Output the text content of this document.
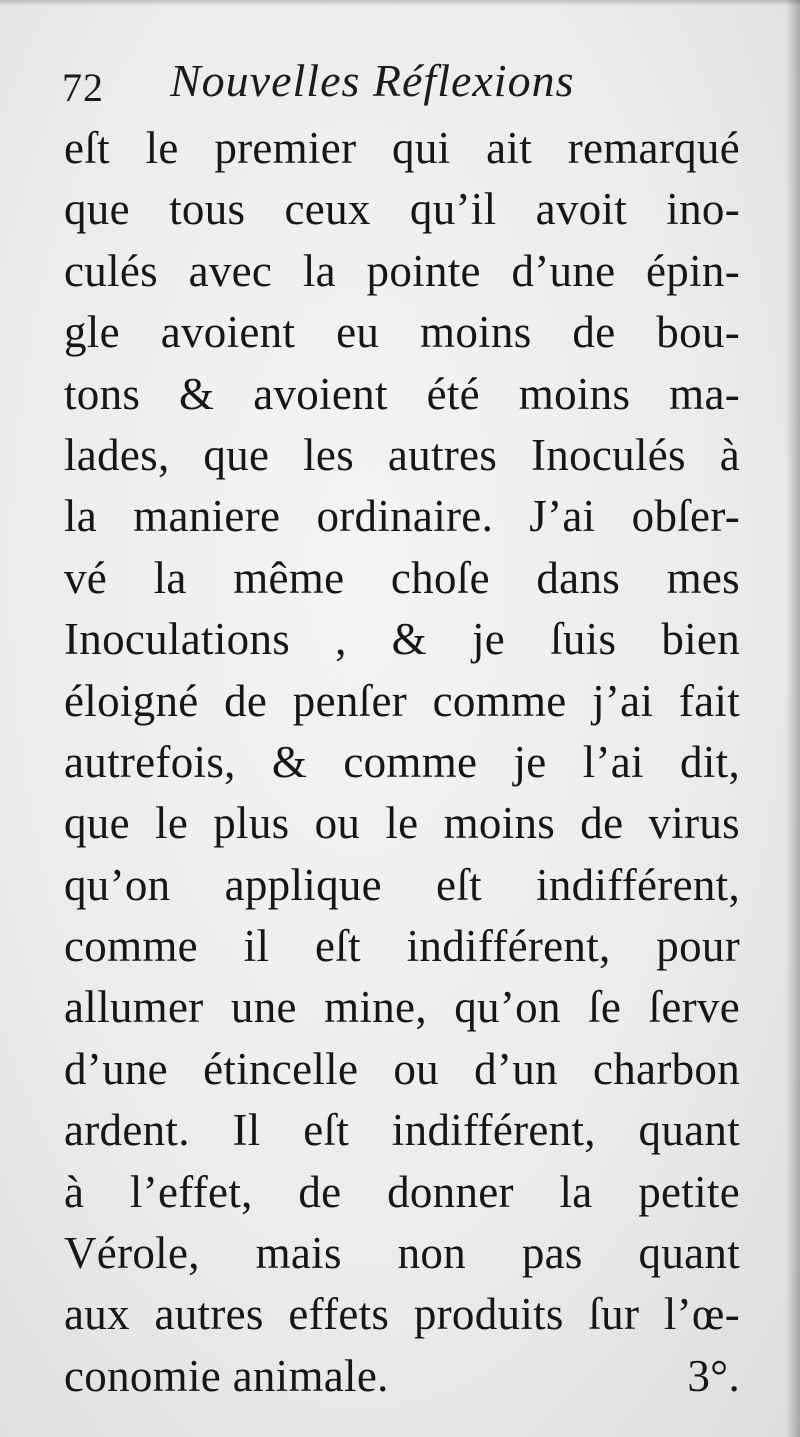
72 Nouvelles Réflexions
eſt le premier qui ait remarqué
que tous ceux qu’il avoit ino-
culés avec la pointe d’une épin-
gle avoient eu moins de bou-
tons & avoient été moins ma-
lades, que les autres Inoculés à
la maniere ordinaire. J’ai obſer-
vé la même choſe dans mes
Inoculations , & je ſuis bien
éloigné de penſer comme j’ai fait
autrefois, & comme je l’ai dit,
que le plus ou le moins de virus
qu’on applique eſt indifférent,
comme il eſt indifférent, pour
allumer une mine, qu’on ſe ſerve
d’une étincelle ou d’un charbon
ardent. Il eſt indifférent, quant
à l’effet, de donner la petite
Vérole, mais non pas quant
aux autres effets produits ſur l’œ-
conomie animale.	3°.
